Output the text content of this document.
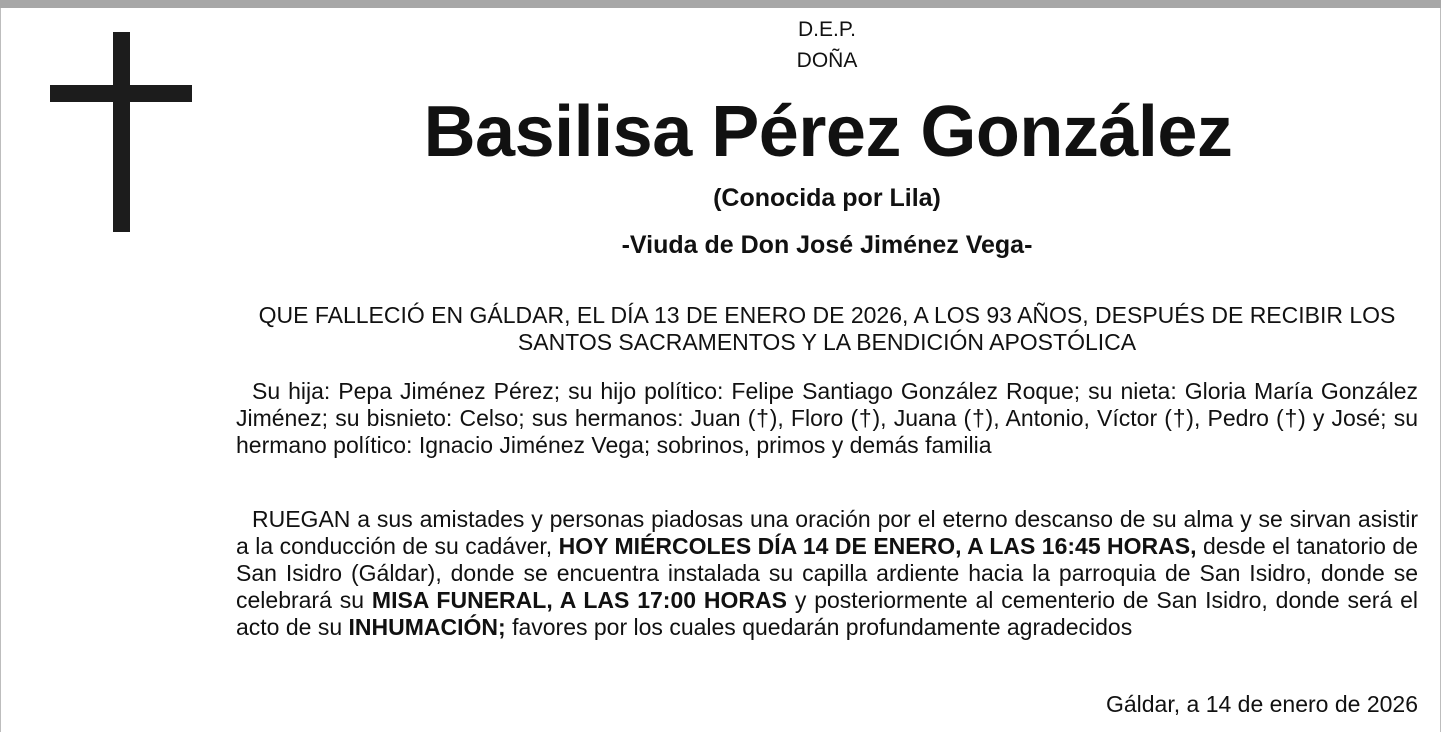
D.E.P.
DOÑA
Basilisa Pérez González
(Conocida por Lila)
-Viuda de Don José Jiménez Vega-
QUE FALLECIÓ EN GÁLDAR, EL DÍA 13 DE ENERO DE 2026, A LOS 93 AÑOS, DESPUÉS DE RECIBIR LOS SANTOS SACRAMENTOS Y LA BENDICIÓN APOSTÓLICA
Su hija: Pepa Jiménez Pérez; su hijo político: Felipe Santiago González Roque; su nieta: Gloria María González Jiménez; su bisnieto: Celso; sus hermanos: Juan (†), Floro (†), Juana (†), Antonio, Víctor (†), Pedro (†) y José; su hermano político: Ignacio Jiménez Vega; sobrinos, primos y demás familia
RUEGAN a sus amistades y personas piadosas una oración por el eterno descanso de su alma y se sirvan asistir a la conducción de su cadáver, HOY MIÉRCOLES DÍA 14 DE ENERO, A LAS 16:45 HORAS, desde el tanatorio de San Isidro (Gáldar), donde se encuentra instalada su capilla ardiente hacia la parroquia de San Isidro, donde se celebrará su MISA FUNERAL, A LAS 17:00 HORAS y posteriormente al cementerio de San Isidro, donde será el acto de su INHUMACIÓN; favores por los cuales quedarán profundamente agradecidos
Gáldar, a 14 de enero de 2026
